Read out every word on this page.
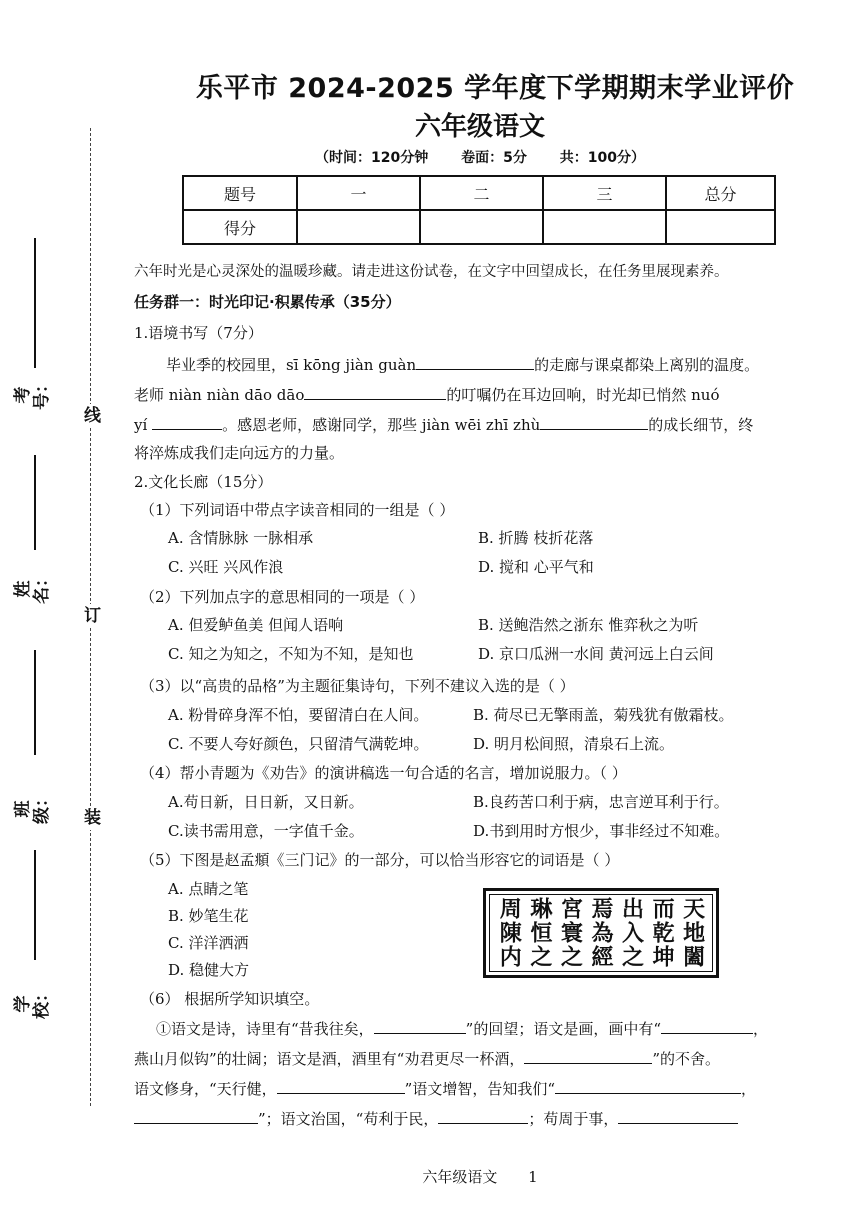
乐平市 2024-2025 学年度下学期期末学业评价
六年级语文
（时间：120分钟 卷面：5分 共：100分）
题号	一	二	三	总分
得分				
线
订
装
考号：
姓名：
班级：
学校：
六年时光是心灵深处的温暖珍藏。请走进这份试卷，在文字中回望成长，在任务里展现素养。
任务群一：时光印记·积累传承（35分）
1.语境书写（7分）
毕业季的校园里，sī kōng jiàn guàn	的走廊与课桌都染上离别的温度。
老师 niàn niàn dāo dāo	的叮嘱仍在耳边回响，时光却已悄然 nuó
yí	。感恩老师，感谢同学，那些 jiàn wēi zhī zhù	的成长细节，终
将淬炼成我们走向远方的力量。
2.文化长廊（15分）
（1）下列词语中带点字读音相同的一组是（ ）
A. 含情脉脉 一脉相承	B. 折腾 枝折花落
C. 兴旺 兴风作浪	D. 搅和 心平气和
（2）下列加点字的意思相同的一项是（ ）
A. 但爱鲈鱼美 但闻人语响	B. 送鲍浩然之浙东 惟弈秋之为听
C. 知之为知之，不知为不知，是知也	D. 京口瓜洲一水间 黄河远上白云间
（3）以“高贵的品格”为主题征集诗句，下列不建议入选的是（ ）
A. 粉骨碎身浑不怕，要留清白在人间。	B. 荷尽已无擎雨盖，菊残犹有傲霜枝。
C. 不要人夸好颜色，只留清气满乾坤。	D. 明月松间照，清泉石上流。
（4）帮小青题为《劝告》的演讲稿选一句合适的名言，增加说服力。（ ）
A.苟日新，日日新，又日新。	B.良药苦口利于病，忠言逆耳利于行。
C.读书需用意，一字值千金。	D.书到用时方恨少，事非经过不知难。
（5）下图是赵孟頫《三门记》的一部分，可以恰当形容它的词语是（ ）
A. 点睛之笔
B. 妙笔生花
C. 洋洋洒洒
D. 稳健大方
天地闔
而乾坤
出入之
焉為經
宮寰之
琳恒之
周陳内
（6） 根据所学知识填空。
①语文是诗，诗里有“昔我往矣，	”的回望；语文是画，画中有“	，
燕山月似钩”的壮阔；语文是酒，酒里有“劝君更尽一杯酒，	”的不舍。
语文修身，“天行健，	”语文增智，告知我们“	，
”；语文治国，“苟利于民，	；苟周于事，
六年级语文 1
